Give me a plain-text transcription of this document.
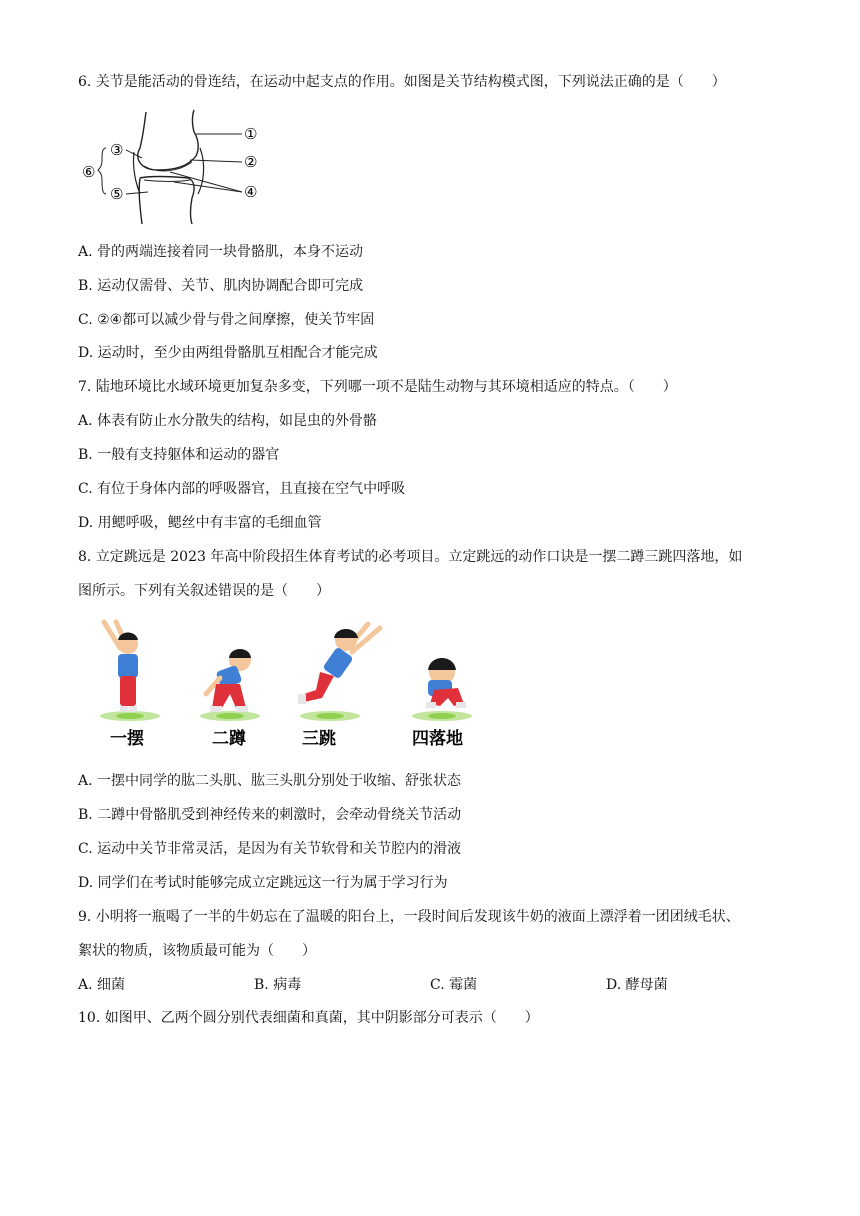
6. 关节是能活动的骨连结，在运动中起支点的作用。如图是关节结构模式图，下列说法正确的是（　　）
①
②
③
④
⑤
⑥
A. 骨的两端连接着同一块骨骼肌，本身不运动
B. 运动仅需骨、关节、肌肉协调配合即可完成
C. ②④都可以减少骨与骨之间摩擦，使关节牢固
D. 运动时，至少由两组骨骼肌互相配合才能完成
7. 陆地环境比水域环境更加复杂多变，下列哪一项不是陆生动物与其环境相适应的特点。（　　）
A. 体表有防止水分散失的结构，如昆虫的外骨骼
B. 一般有支持躯体和运动的器官
C. 有位于身体内部的呼吸器官，且直接在空气中呼吸
D. 用鳃呼吸，鳃丝中有丰富的毛细血管
8. 立定跳远是 2023 年高中阶段招生体育考试的必考项目。立定跳远的动作口诀是一摆二蹲三跳四落地，如
图所示。下列有关叙述错误的是（　　）
一摆	二蹲	三跳	四落地
A. 一摆中同学的肱二头肌、肱三头肌分别处于收缩、舒张状态
B. 二蹲中骨骼肌受到神经传来的刺激时，会牵动骨绕关节活动
C. 运动中关节非常灵活，是因为有关节软骨和关节腔内的滑液
D. 同学们在考试时能够完成立定跳远这一行为属于学习行为
9. 小明将一瓶喝了一半的牛奶忘在了温暖的阳台上，一段时间后发现该牛奶的液面上漂浮着一团团绒毛状、
絮状的物质，该物质最可能为（　　）
A. 细菌	B. 病毒	C. 霉菌	D. 酵母菌
10. 如图甲、乙两个圆分别代表细菌和真菌，其中阴影部分可表示（　　）
